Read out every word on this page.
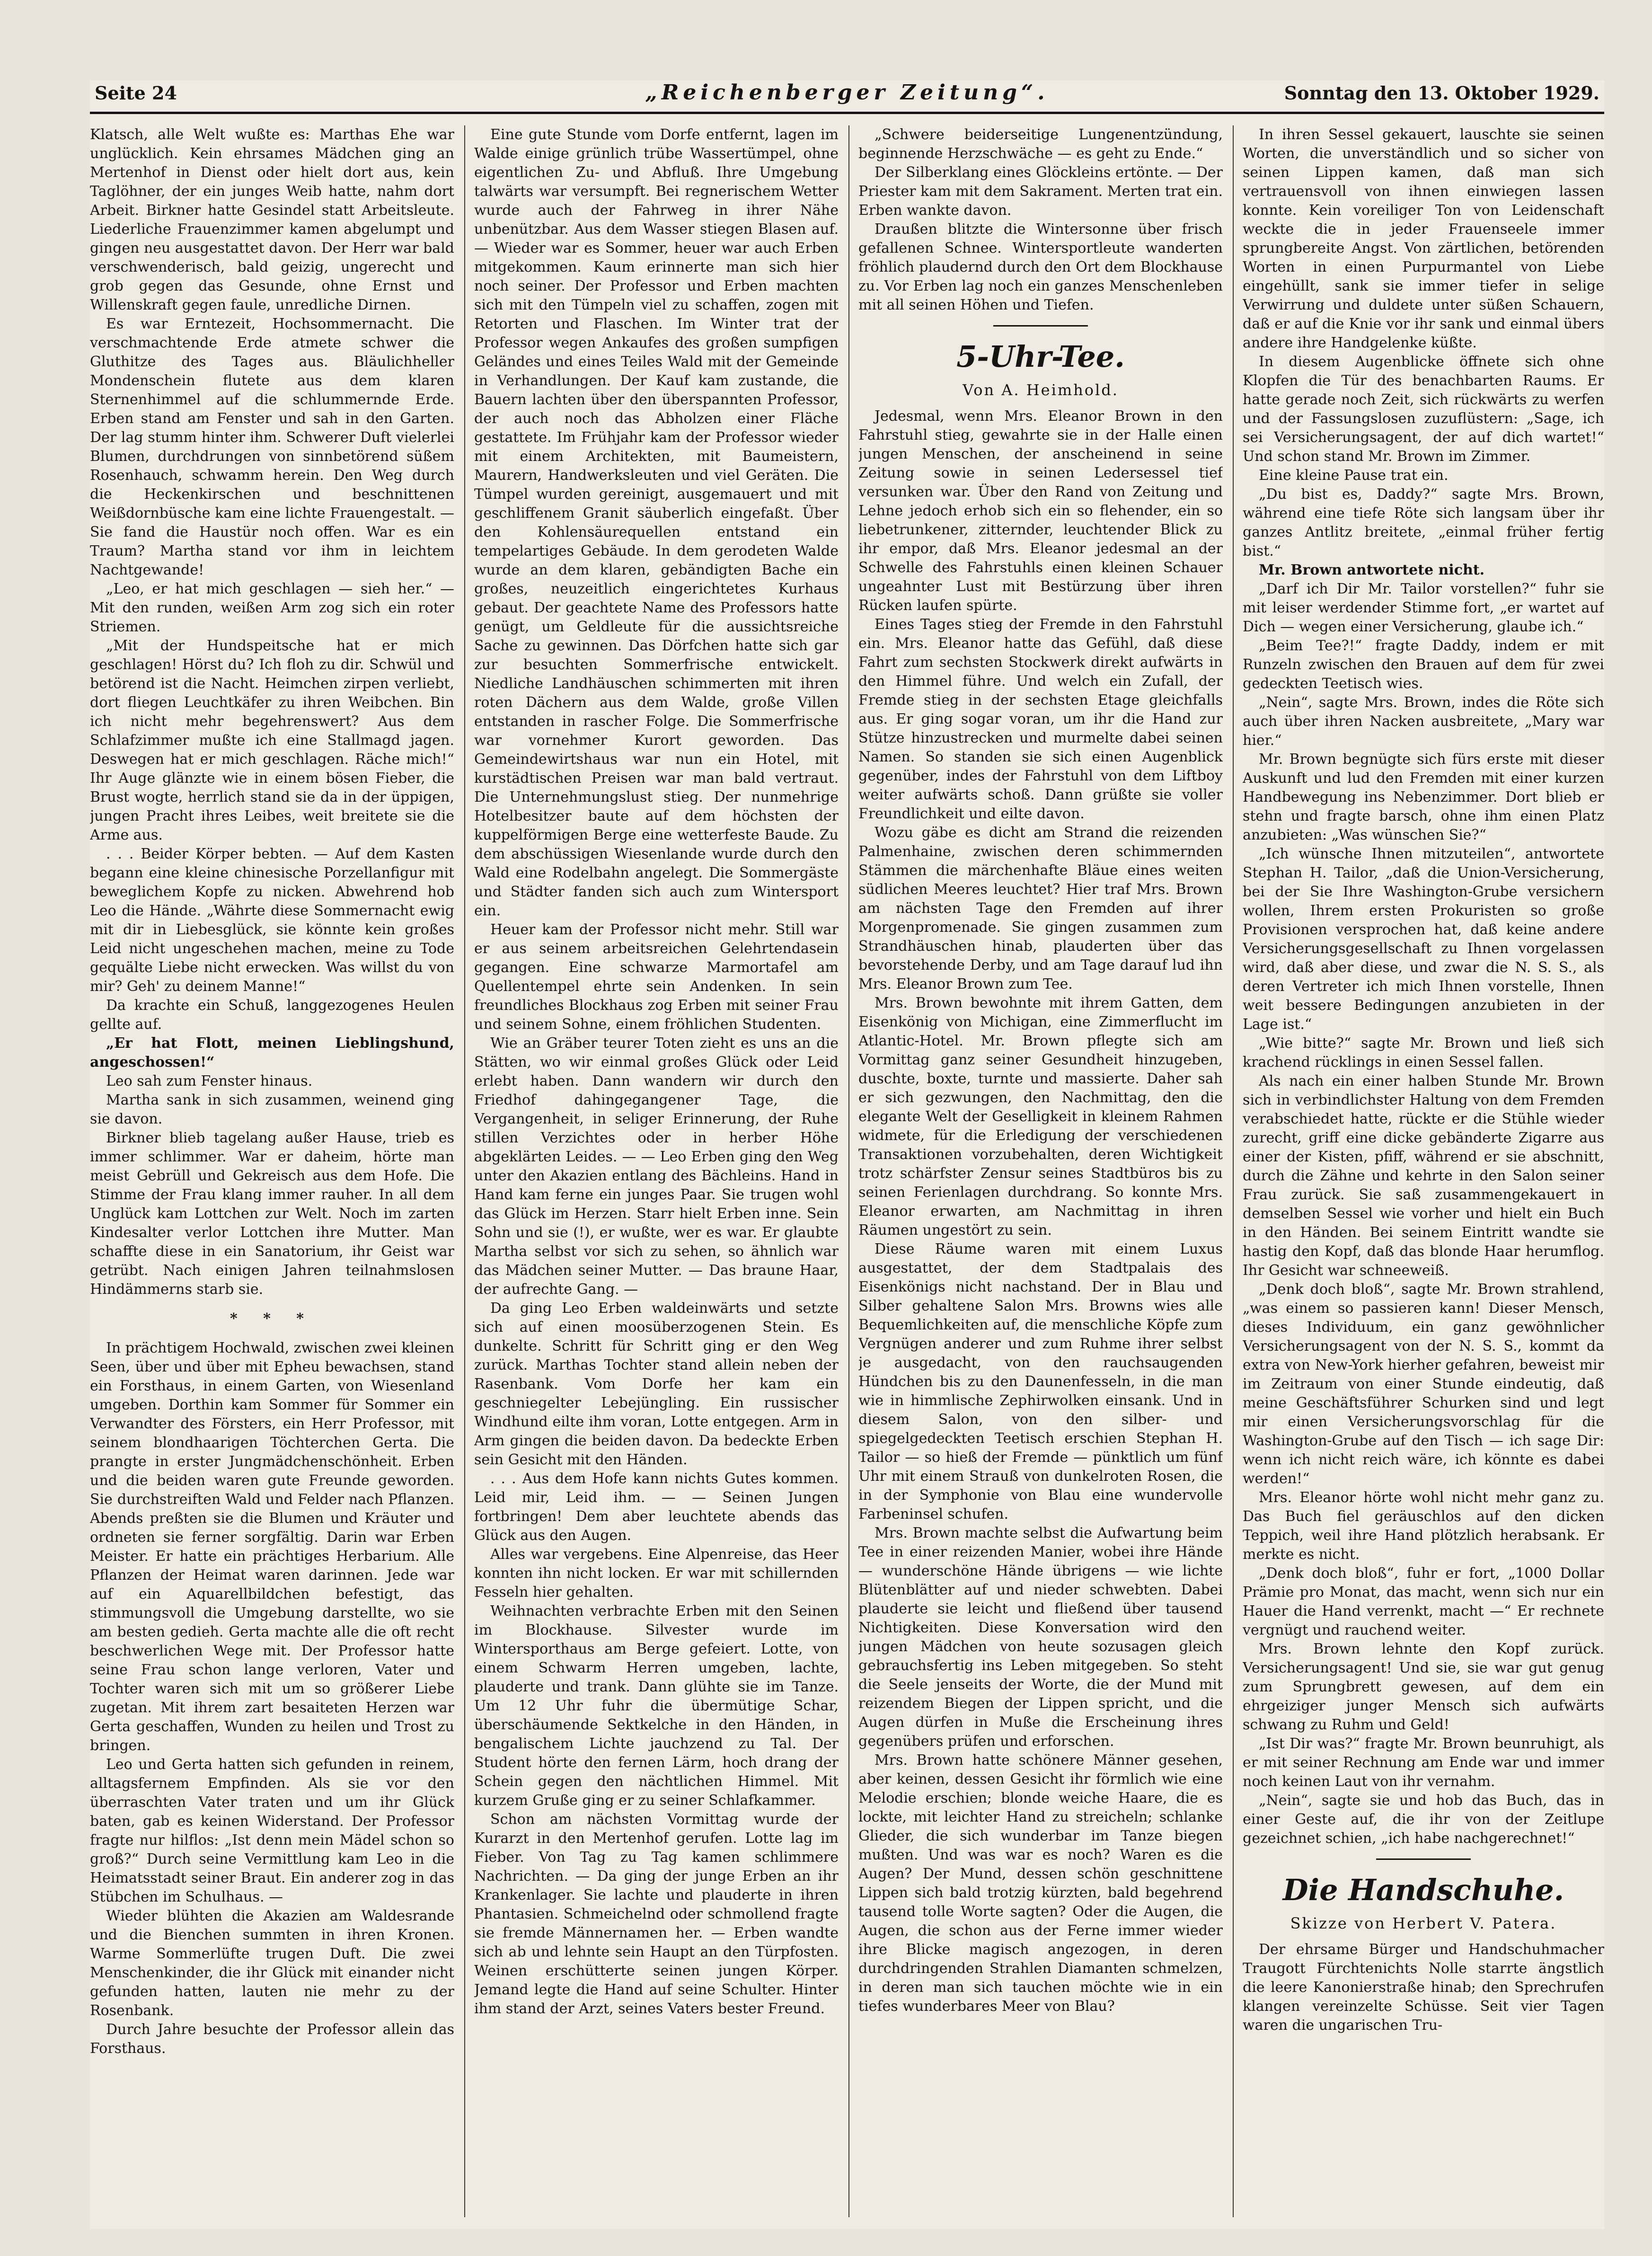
Seite 24	„Reichenberger Zeitung“.	Sonntag den 13. Oktober 1929.

Klatsch, alle Welt wußte es: Marthas Ehe war unglücklich. Kein ehrsames Mädchen ging an Mertenhof in Dienst oder hielt dort aus, kein Taglöhner, der ein junges Weib hatte, nahm dort Arbeit. Birkner hatte Gesindel statt Arbeitsleute. Liederliche Frauenzimmer kamen abgelumpt und gingen neu ausgestattet davon. Der Herr war bald verschwenderisch, bald geizig, ungerecht und grob gegen das Gesunde, ohne Ernst und Willenskraft gegen faule, unredliche Dirnen.

Es war Erntezeit, Hochsommernacht. Die verschmachtende Erde atmete schwer die Gluthitze des Tages aus. Bläulichheller Mondenschein flutete aus dem klaren Sternenhimmel auf die schlummernde Erde. Erben stand am Fenster und sah in den Garten. Der lag stumm hinter ihm. Schwerer Duft vielerlei Blumen, durchdrungen von sinnbetörend süßem Rosenhauch, schwamm herein. Den Weg durch die Heckenkirschen und beschnittenen Weißdornbüsche kam eine lichte Frauengestalt. — Sie fand die Haustür noch offen. War es ein Traum? Martha stand vor ihm in leichtem Nachtgewande!

„Leo, er hat mich geschlagen — sieh her.“ — Mit den runden, weißen Arm zog sich ein roter Striemen.

„Mit der Hundspeitsche hat er mich geschlagen! Hörst du? Ich floh zu dir. Schwül und betörend ist die Nacht. Heimchen zirpen verliebt, dort fliegen Leuchtkäfer zu ihren Weibchen. Bin ich nicht mehr begehrenswert? Aus dem Schlafzimmer mußte ich eine Stallmagd jagen. Deswegen hat er mich geschlagen. Räche mich!“ Ihr Auge glänzte wie in einem bösen Fieber, die Brust wogte, herrlich stand sie da in der üppigen, jungen Pracht ihres Leibes, weit breitete sie die Arme aus.

. . . Beider Körper bebten. — Auf dem Kasten begann eine kleine chinesische Porzellanfigur mit beweglichem Kopfe zu nicken. Abwehrend hob Leo die Hände. „Währte diese Sommernacht ewig mit dir in Liebesglück, sie könnte kein großes Leid nicht ungeschehen machen, meine zu Tode gequälte Liebe nicht erwecken. Was willst du von mir? Geh' zu deinem Manne!“

Da krachte ein Schuß, langgezogenes Heulen gellte auf.

„Er hat Flott, meinen Lieblingshund, angeschossen!“

Leo sah zum Fenster hinaus.

Martha sank in sich zusammen, weinend ging sie davon.

Birkner blieb tagelang außer Hause, trieb es immer schlimmer. War er daheim, hörte man meist Gebrüll und Gekreisch aus dem Hofe. Die Stimme der Frau klang immer rauher. In all dem Unglück kam Lottchen zur Welt. Noch im zarten Kindesalter verlor Lottchen ihre Mutter. Man schaffte diese in ein Sanatorium, ihr Geist war getrübt. Nach einigen Jahren teilnahmslosen Hindämmerns starb sie.

* * *

In prächtigem Hochwald, zwischen zwei kleinen Seen, über und über mit Epheu bewachsen, stand ein Forsthaus, in einem Garten, von Wiesenland umgeben. Dorthin kam Sommer für Sommer ein Verwandter des Försters, ein Herr Professor, mit seinem blondhaarigen Töchterchen Gerta. Die prangte in erster Jungmädchenschönheit. Erben und die beiden waren gute Freunde geworden. Sie durchstreiften Wald und Felder nach Pflanzen. Abends preßten sie die Blumen und Kräuter und ordneten sie ferner sorgfältig. Darin war Erben Meister. Er hatte ein prächtiges Herbarium. Alle Pflanzen der Heimat waren darinnen. Jede war auf ein Aquarellbildchen befestigt, das stimmungsvoll die Umgebung darstellte, wo sie am besten gedieh. Gerta machte alle die oft recht beschwerlichen Wege mit. Der Professor hatte seine Frau schon lange verloren, Vater und Tochter waren sich mit um so größerer Liebe zugetan. Mit ihrem zart besaiteten Herzen war Gerta geschaffen, Wunden zu heilen und Trost zu bringen.

Leo und Gerta hatten sich gefunden in reinem, alltagsfernem Empfinden. Als sie vor den überraschten Vater traten und um ihr Glück baten, gab es keinen Widerstand. Der Professor fragte nur hilflos: „Ist denn mein Mädel schon so groß?“ Durch seine Vermittlung kam Leo in die Heimatsstadt seiner Braut. Ein anderer zog in das Stübchen im Schulhaus. —

Wieder blühten die Akazien am Waldesrande und die Bienchen summten in ihren Kronen. Warme Sommerlüfte trugen Duft. Die zwei Menschenkinder, die ihr Glück mit einander nicht gefunden hatten, lauten nie mehr zu der Rosenbank.

Durch Jahre besuchte der Professor allein das Forsthaus.

Eine gute Stunde vom Dorfe entfernt, lagen im Walde einige grünlich trübe Wassertümpel, ohne eigentlichen Zu- und Abfluß. Ihre Umgebung talwärts war versumpft. Bei regnerischem Wetter wurde auch der Fahrweg in ihrer Nähe unbenützbar. Aus dem Wasser stiegen Blasen auf. — Wieder war es Sommer, heuer war auch Erben mitgekommen. Kaum erinnerte man sich hier noch seiner. Der Professor und Erben machten sich mit den Tümpeln viel zu schaffen, zogen mit Retorten und Flaschen. Im Winter trat der Professor wegen Ankaufes des großen sumpfigen Geländes und eines Teiles Wald mit der Gemeinde in Verhandlungen. Der Kauf kam zustande, die Bauern lachten über den überspannten Professor, der auch noch das Abholzen einer Fläche gestattete. Im Frühjahr kam der Professor wieder mit einem Architekten, mit Baumeistern, Maurern, Handwerksleuten und viel Geräten. Die Tümpel wurden gereinigt, ausgemauert und mit geschliffenem Granit säuberlich eingefaßt. Über den Kohlensäurequellen entstand ein tempelartiges Gebäude. In dem gerodeten Walde wurde an dem klaren, gebändigten Bache ein großes, neuzeitlich eingerichtetes Kurhaus gebaut. Der geachtete Name des Professors hatte genügt, um Geldleute für die aussichtsreiche Sache zu gewinnen. Das Dörfchen hatte sich gar zur besuchten Sommerfrische entwickelt. Niedliche Landhäuschen schimmerten mit ihren roten Dächern aus dem Walde, große Villen entstanden in rascher Folge. Die Sommerfrische war vornehmer Kurort geworden. Das Gemeindewirtshaus war nun ein Hotel, mit kurstädtischen Preisen war man bald vertraut. Die Unternehmungslust stieg. Der nunmehrige Hotelbesitzer baute auf dem höchsten der kuppelförmigen Berge eine wetterfeste Baude. Zu dem abschüssigen Wiesenlande wurde durch den Wald eine Rodelbahn angelegt. Die Sommergäste und Städter fanden sich auch zum Wintersport ein.

Heuer kam der Professor nicht mehr. Still war er aus seinem arbeitsreichen Gelehrtendasein gegangen. Eine schwarze Marmortafel am Quellentempel ehrte sein Andenken. In sein freundliches Blockhaus zog Erben mit seiner Frau und seinem Sohne, einem fröhlichen Studenten.

Wie an Gräber teurer Toten zieht es uns an die Stätten, wo wir einmal großes Glück oder Leid erlebt haben. Dann wandern wir durch den Friedhof dahingegangener Tage, die Vergangenheit, in seliger Erinnerung, der Ruhe stillen Verzichtes oder in herber Höhe abgeklärten Leides. — — Leo Erben ging den Weg unter den Akazien entlang des Bächleins. Hand in Hand kam ferne ein junges Paar. Sie trugen wohl das Glück im Herzen. Starr hielt Erben inne. Sein Sohn und sie (!), er wußte, wer es war. Er glaubte Martha selbst vor sich zu sehen, so ähnlich war das Mädchen seiner Mutter. — Das braune Haar, der aufrechte Gang. —

Da ging Leo Erben waldeinwärts und setzte sich auf einen moosüberzogenen Stein. Es dunkelte. Schritt für Schritt ging er den Weg zurück. Marthas Tochter stand allein neben der Rasenbank. Vom Dorfe her kam ein geschniegelter Lebejüngling. Ein russischer Windhund eilte ihm voran, Lotte entgegen. Arm in Arm gingen die beiden davon. Da bedeckte Erben sein Gesicht mit den Händen.

. . . Aus dem Hofe kann nichts Gutes kommen. Leid mir, Leid ihm. — — Seinen Jungen fortbringen! Dem aber leuchtete abends das Glück aus den Augen.

Alles war vergebens. Eine Alpenreise, das Heer konnten ihn nicht locken. Er war mit schillernden Fesseln hier gehalten.

Weihnachten verbrachte Erben mit den Seinen im Blockhause. Silvester wurde im Wintersporthaus am Berge gefeiert. Lotte, von einem Schwarm Herren umgeben, lachte, plauderte und trank. Dann glühte sie im Tanze. Um 12 Uhr fuhr die übermütige Schar, überschäumende Sektkelche in den Händen, in bengalischem Lichte jauchzend zu Tal. Der Student hörte den fernen Lärm, hoch drang der Schein gegen den nächtlichen Himmel. Mit kurzem Gruße ging er zu seiner Schlafkammer.

Schon am nächsten Vormittag wurde der Kurarzt in den Mertenhof gerufen. Lotte lag im Fieber. Von Tag zu Tag kamen schlimmere Nachrichten. — Da ging der junge Erben an ihr Krankenlager. Sie lachte und plauderte in ihren Phantasien. Schmeichelnd oder schmollend fragte sie fremde Männernamen her. — Erben wandte sich ab und lehnte sein Haupt an den Türpfosten. Weinen erschütterte seinen jungen Körper. Jemand legte die Hand auf seine Schulter. Hinter ihm stand der Arzt, seines Vaters bester Freund.

„Schwere beiderseitige Lungenentzündung, beginnende Herzschwäche — es geht zu Ende.“

Der Silberklang eines Glöckleins ertönte. — Der Priester kam mit dem Sakrament. Merten trat ein. Erben wankte davon.

Draußen blitzte die Wintersonne über frisch gefallenen Schnee. Wintersportleute wanderten fröhlich plaudernd durch den Ort dem Blockhause zu. Vor Erben lag noch ein ganzes Menschenleben mit all seinen Höhen und Tiefen.

5-Uhr-Tee.
Von A. Heimhold.

Jedesmal, wenn Mrs. Eleanor Brown in den Fahrstuhl stieg, gewahrte sie in der Halle einen jungen Menschen, der anscheinend in seine Zeitung sowie in seinen Ledersessel tief versunken war. Über den Rand von Zeitung und Lehne jedoch erhob sich ein so flehender, ein so liebetrunkener, zitternder, leuchtender Blick zu ihr empor, daß Mrs. Eleanor jedesmal an der Schwelle des Fahrstuhls einen kleinen Schauer ungeahnter Lust mit Bestürzung über ihren Rücken laufen spürte.

Eines Tages stieg der Fremde in den Fahrstuhl ein. Mrs. Eleanor hatte das Gefühl, daß diese Fahrt zum sechsten Stockwerk direkt aufwärts in den Himmel führe. Und welch ein Zufall, der Fremde stieg in der sechsten Etage gleichfalls aus. Er ging sogar voran, um ihr die Hand zur Stütze hinzustrecken und murmelte dabei seinen Namen. So standen sie sich einen Augenblick gegenüber, indes der Fahrstuhl von dem Liftboy weiter aufwärts schoß. Dann grüßte sie voller Freundlichkeit und eilte davon.

Wozu gäbe es dicht am Strand die reizenden Palmenhaine, zwischen deren schimmernden Stämmen die märchenhafte Bläue eines weiten südlichen Meeres leuchtet? Hier traf Mrs. Brown am nächsten Tage den Fremden auf ihrer Morgenpromenade. Sie gingen zusammen zum Strandhäuschen hinab, plauderten über das bevorstehende Derby, und am Tage darauf lud ihn Mrs. Eleanor Brown zum Tee.

Mrs. Brown bewohnte mit ihrem Gatten, dem Eisenkönig von Michigan, eine Zimmerflucht im Atlantic-Hotel. Mr. Brown pflegte sich am Vormittag ganz seiner Gesundheit hinzugeben, duschte, boxte, turnte und massierte. Daher sah er sich gezwungen, den Nachmittag, den die elegante Welt der Geselligkeit in kleinem Rahmen widmete, für die Erledigung der verschiedenen Transaktionen vorzubehalten, deren Wichtigkeit trotz schärfster Zensur seines Stadtbüros bis zu seinen Ferienlagen durchdrang. So konnte Mrs. Eleanor erwarten, am Nachmittag in ihren Räumen ungestört zu sein.

Diese Räume waren mit einem Luxus ausgestattet, der dem Stadtpalais des Eisenkönigs nicht nachstand. Der in Blau und Silber gehaltene Salon Mrs. Browns wies alle Bequemlichkeiten auf, die menschliche Köpfe zum Vergnügen anderer und zum Ruhme ihrer selbst je ausgedacht, von den rauchsaugenden Hündchen bis zu den Daunenfesseln, in die man wie in himmlische Zephirwolken einsank. Und in diesem Salon, von den silber- und spiegelgedeckten Teetisch erschien Stephan H. Tailor — so hieß der Fremde — pünktlich um fünf Uhr mit einem Strauß von dunkelroten Rosen, die in der Symphonie von Blau eine wundervolle Farbeninsel schufen.

Mrs. Brown machte selbst die Aufwartung beim Tee in einer reizenden Manier, wobei ihre Hände — wunderschöne Hände übrigens — wie lichte Blütenblätter auf und nieder schwebten. Dabei plauderte sie leicht und fließend über tausend Nichtigkeiten. Diese Konversation wird den jungen Mädchen von heute sozusagen gleich gebrauchsfertig ins Leben mitgegeben. So steht die Seele jenseits der Worte, die der Mund mit reizendem Biegen der Lippen spricht, und die Augen dürfen in Muße die Erscheinung ihres gegenübers prüfen und erforschen.

Mrs. Brown hatte schönere Männer gesehen, aber keinen, dessen Gesicht ihr förmlich wie eine Melodie erschien; blonde weiche Haare, die es lockte, mit leichter Hand zu streicheln; schlanke Glieder, die sich wunderbar im Tanze biegen mußten. Und was war es noch? Waren es die Augen? Der Mund, dessen schön geschnittene Lippen sich bald trotzig kürzten, bald begehrend tausend tolle Worte sagten? Oder die Augen, die Augen, die schon aus der Ferne immer wieder ihre Blicke magisch angezogen, in deren durchdringenden Strahlen Diamanten schmelzen, in deren man sich tauchen möchte wie in ein tiefes wunderbares Meer von Blau?

In ihren Sessel gekauert, lauschte sie seinen Worten, die unverständlich und so sicher von seinen Lippen kamen, daß man sich vertrauensvoll von ihnen einwiegen lassen konnte. Kein voreiliger Ton von Leidenschaft weckte die in jeder Frauenseele immer sprungbereite Angst. Von zärtlichen, betörenden Worten in einen Purpurmantel von Liebe eingehüllt, sank sie immer tiefer in selige Verwirrung und duldete unter süßen Schauern, daß er auf die Knie vor ihr sank und einmal übers andere ihre Handgelenke küßte.

In diesem Augenblicke öffnete sich ohne Klopfen die Tür des benachbarten Raums. Er hatte gerade noch Zeit, sich rückwärts zu werfen und der Fassungslosen zuzuflüstern: „Sage, ich sei Versicherungsagent, der auf dich wartet!“ Und schon stand Mr. Brown im Zimmer.

Eine kleine Pause trat ein.

„Du bist es, Daddy?“ sagte Mrs. Brown, während eine tiefe Röte sich langsam über ihr ganzes Antlitz breitete, „einmal früher fertig bist.“

Mr. Brown antwortete nicht.

„Darf ich Dir Mr. Tailor vorstellen?“ fuhr sie mit leiser werdender Stimme fort, „er wartet auf Dich — wegen einer Versicherung, glaube ich.“

„Beim Tee?!“ fragte Daddy, indem er mit Runzeln zwischen den Brauen auf dem für zwei gedeckten Teetisch wies.

„Nein“, sagte Mrs. Brown, indes die Röte sich auch über ihren Nacken ausbreitete, „Mary war hier.“

Mr. Brown begnügte sich fürs erste mit dieser Auskunft und lud den Fremden mit einer kurzen Handbewegung ins Nebenzimmer. Dort blieb er stehn und fragte barsch, ohne ihm einen Platz anzubieten: „Was wünschen Sie?“

„Ich wünsche Ihnen mitzuteilen“, antwortete Stephan H. Tailor, „daß die Union-Versicherung, bei der Sie Ihre Washington-Grube versichern wollen, Ihrem ersten Prokuristen so große Provisionen versprochen hat, daß keine andere Versicherungsgesellschaft zu Ihnen vorgelassen wird, daß aber diese, und zwar die N. S. S., als deren Vertreter ich mich Ihnen vorstelle, Ihnen weit bessere Bedingungen anzubieten in der Lage ist.“

„Wie bitte?“ sagte Mr. Brown und ließ sich krachend rücklings in einen Sessel fallen.

Als nach ein einer halben Stunde Mr. Brown sich in verbindlichster Haltung von dem Fremden verabschiedet hatte, rückte er die Stühle wieder zurecht, griff eine dicke gebänderte Zigarre aus einer der Kisten, pfiff, während er sie abschnitt, durch die Zähne und kehrte in den Salon seiner Frau zurück. Sie saß zusammengekauert in demselben Sessel wie vorher und hielt ein Buch in den Händen. Bei seinem Eintritt wandte sie hastig den Kopf, daß das blonde Haar herumflog. Ihr Gesicht war schneeweiß.

„Denk doch bloß“, sagte Mr. Brown strahlend, „was einem so passieren kann! Dieser Mensch, dieses Individuum, ein ganz gewöhnlicher Versicherungsagent von der N. S. S., kommt da extra von New-York hierher gefahren, beweist mir im Zeitraum von einer Stunde eindeutig, daß meine Geschäftsführer Schurken sind und legt mir einen Versicherungsvorschlag für die Washington-Grube auf den Tisch — ich sage Dir: wenn ich nicht reich wäre, ich könnte es dabei werden!“

Mrs. Eleanor hörte wohl nicht mehr ganz zu. Das Buch fiel geräuschlos auf den dicken Teppich, weil ihre Hand plötzlich herabsank. Er merkte es nicht.

„Denk doch bloß“, fuhr er fort, „1000 Dollar Prämie pro Monat, das macht, wenn sich nur ein Hauer die Hand verrenkt, macht —“ Er rechnete vergnügt und rauchend weiter.

Mrs. Brown lehnte den Kopf zurück. Versicherungsagent! Und sie, sie war gut genug zum Sprungbrett gewesen, auf dem ein ehrgeiziger junger Mensch sich aufwärts schwang zu Ruhm und Geld!

„Ist Dir was?“ fragte Mr. Brown beunruhigt, als er mit seiner Rechnung am Ende war und immer noch keinen Laut von ihr vernahm.

„Nein“, sagte sie und hob das Buch, das in einer Geste auf, die ihr von der Zeitlupe gezeichnet schien, „ich habe nachgerechnet!“

Die Handschuhe.
Skizze von Herbert V. Patera.

Der ehrsame Bürger und Handschuhmacher Traugott Fürchtenichts Nolle starrte ängstlich die leere Kanonierstraße hinab; den Sprechrufen klangen vereinzelte Schüsse. Seit vier Tagen waren die ungarischen Tru-
